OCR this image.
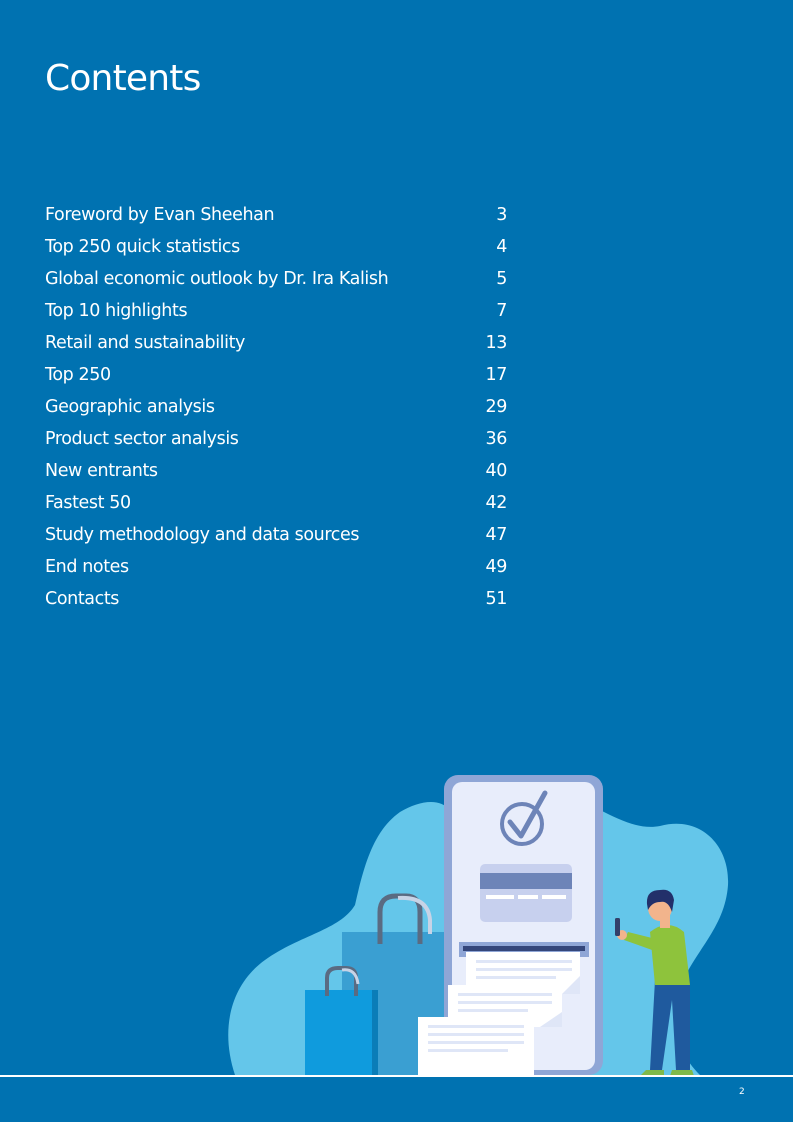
Contents
Foreword by Evan Sheehan	3
Top 250 quick statistics	4
Global economic outlook by Dr. Ira Kalish	5
Top 10 highlights	7
Retail and sustainability	13
Top 250	17
Geographic analysis	29
Product sector analysis	36
New entrants	40
Fastest 50	42
Study methodology and data sources	47
End notes	49
Contacts	51
2
